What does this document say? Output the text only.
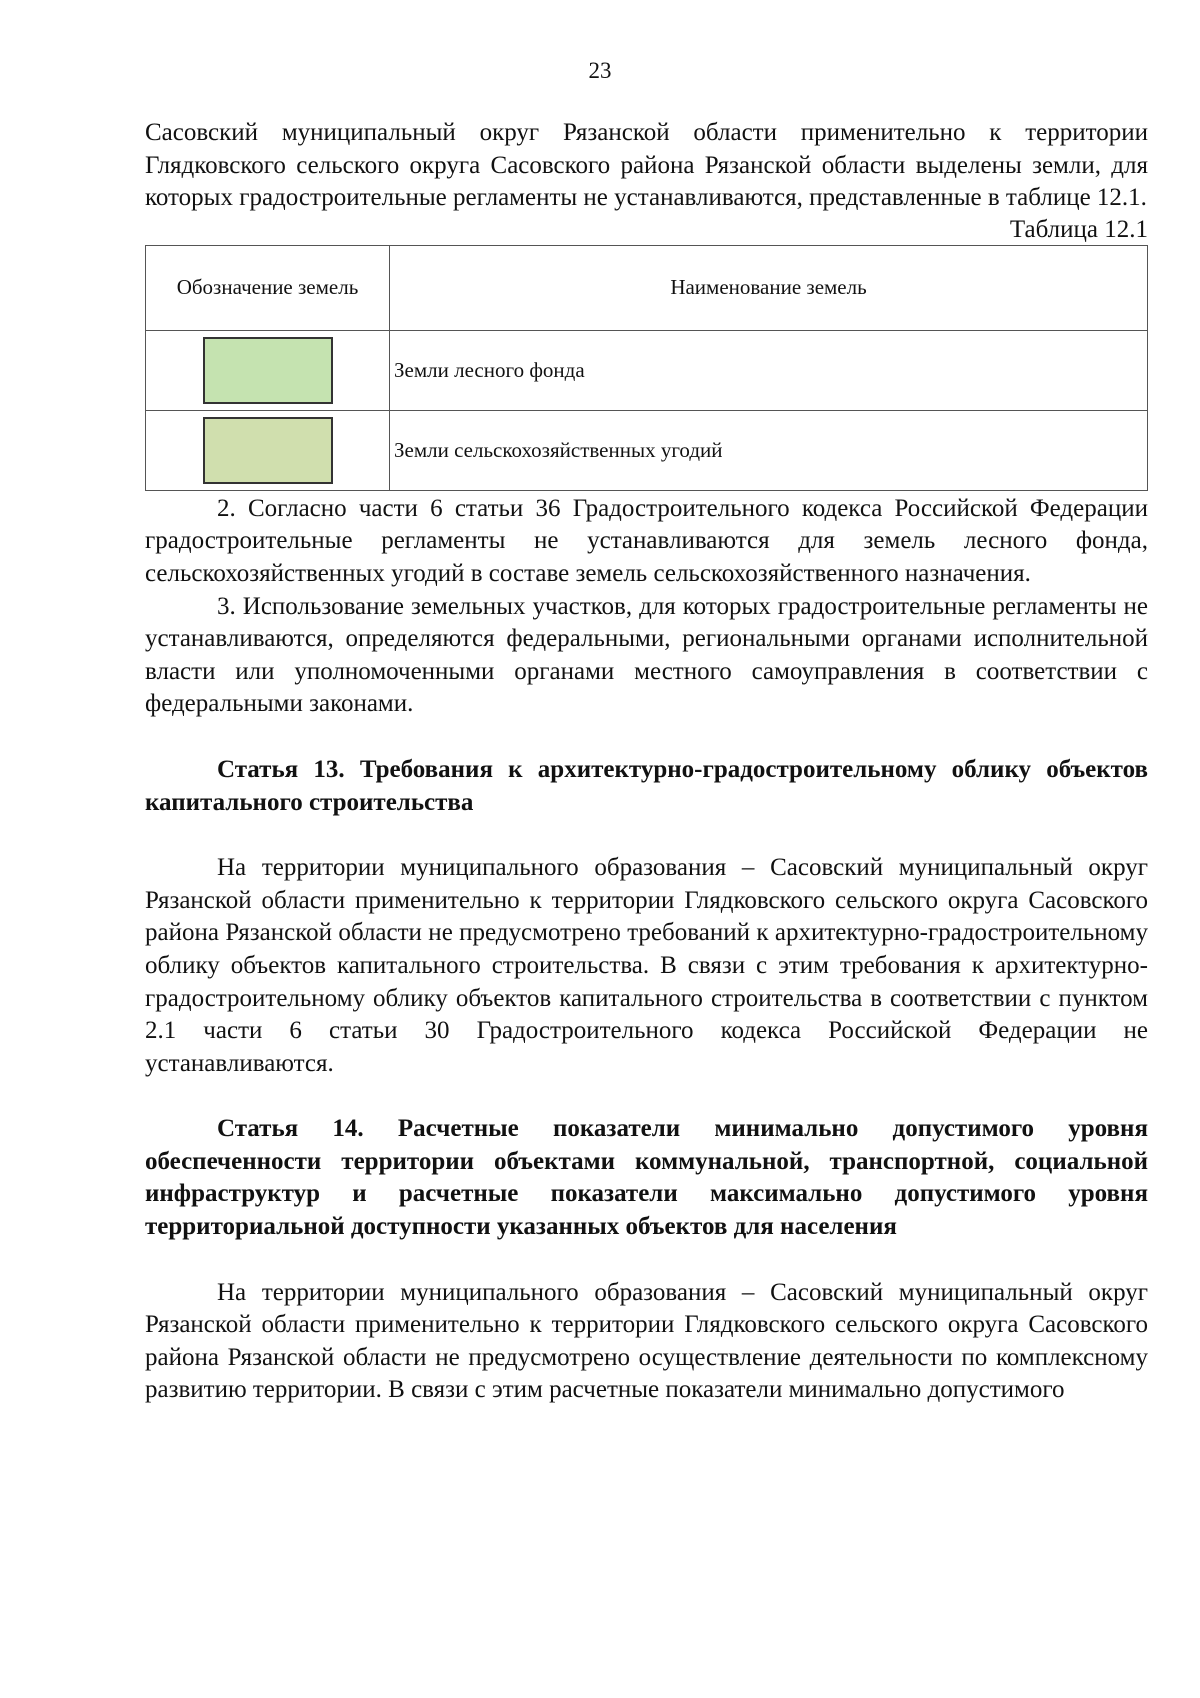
23

Сасовский муниципальный округ Рязанской области применительно к территории Глядковского сельского округа Сасовского района Рязанской области выделены земли, для которых градостроительные регламенты не устанавливаются, представленные в таблице 12.1.

Таблица 12.1

Обозначение земель	Наименование земель
	Земли лесного фонда
	Земли сельскохозяйственных угодий

2. Согласно части 6 статьи 36 Градостроительного кодекса Российской Федерации градостроительные регламенты не устанавливаются для земель лесного фонда, сельскохозяйственных угодий в составе земель сельскохозяйственного назначения.

3. Использование земельных участков, для которых градостроительные регламенты не устанавливаются, определяются федеральными, региональными органами исполнительной власти или уполномоченными органами местного самоуправления в соответствии с федеральными законами.

Статья 13. Требования к архитектурно-градостроительному облику объектов капитального строительства

На территории муниципального образования – Сасовский муниципальный округ Рязанской области применительно к территории Глядковского сельского округа Сасовского района Рязанской области не предусмотрено требований к архитектурно-градостроительному облику объектов капитального строительства. В связи с этим требования к архитектурно-градостроительному облику объектов капитального строительства в соответствии с пунктом 2.1 части 6 статьи 30 Градостроительного кодекса Российской Федерации не устанавливаются.

Статья 14. Расчетные показатели минимально допустимого уровня обеспеченности территории объектами коммунальной, транспортной, социальной инфраструктур и расчетные показатели максимально допустимого уровня территориальной доступности указанных объектов для населения

На территории муниципального образования – Сасовский муниципальный округ Рязанской области применительно к территории Глядковского сельского округа Сасовского района Рязанской области не предусмотрено осуществление деятельности по комплексному развитию территории. В связи с этим расчетные показатели минимально допустимого
